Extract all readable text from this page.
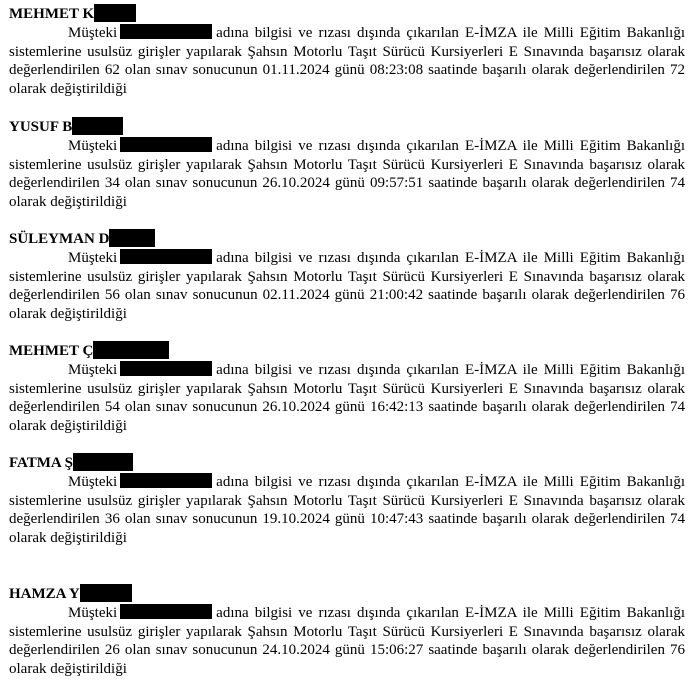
MEHMET K

Müşteki	adına bilgisi ve rızası dışında çıkarılan E-İMZA ile Milli Eğitim Bakanlığı sistemlerine usulsüz girişler yapılarak Şahsın Motorlu Taşıt Sürücü Kursiyerleri E Sınavında başarısız olarak değerlendirilen 62 olan sınav sonucunun 01.11.2024 günü 08:23:08 saatinde başarılı olarak değerlendirilen 72 olarak değiştirildiği

YUSUF B

Müşteki	adına bilgisi ve rızası dışında çıkarılan E-İMZA ile Milli Eğitim Bakanlığı sistemlerine usulsüz girişler yapılarak Şahsın Motorlu Taşıt Sürücü Kursiyerleri E Sınavında başarısız olarak değerlendirilen 34 olan sınav sonucunun 26.10.2024 günü 09:57:51 saatinde başarılı olarak değerlendirilen 74 olarak değiştirildiği

SÜLEYMAN D

Müşteki	adına bilgisi ve rızası dışında çıkarılan E-İMZA ile Milli Eğitim Bakanlığı sistemlerine usulsüz girişler yapılarak Şahsın Motorlu Taşıt Sürücü Kursiyerleri E Sınavında başarısız olarak değerlendirilen 56 olan sınav sonucunun 02.11.2024 günü 21:00:42 saatinde başarılı olarak değerlendirilen 76 olarak değiştirildiği

MEHMET Ç

Müşteki	adına bilgisi ve rızası dışında çıkarılan E-İMZA ile Milli Eğitim Bakanlığı sistemlerine usulsüz girişler yapılarak Şahsın Motorlu Taşıt Sürücü Kursiyerleri E Sınavında başarısız olarak değerlendirilen 54 olan sınav sonucunun 26.10.2024 günü 16:42:13 saatinde başarılı olarak değerlendirilen 74 olarak değiştirildiği

FATMA Ş

Müşteki	adına bilgisi ve rızası dışında çıkarılan E-İMZA ile Milli Eğitim Bakanlığı sistemlerine usulsüz girişler yapılarak Şahsın Motorlu Taşıt Sürücü Kursiyerleri E Sınavında başarısız olarak değerlendirilen 36 olan sınav sonucunun 19.10.2024 günü 10:47:43 saatinde başarılı olarak değerlendirilen 74 olarak değiştirildiği

HAMZA Y

Müşteki	adına bilgisi ve rızası dışında çıkarılan E-İMZA ile Milli Eğitim Bakanlığı sistemlerine usulsüz girişler yapılarak Şahsın Motorlu Taşıt Sürücü Kursiyerleri E Sınavında başarısız olarak değerlendirilen 26 olan sınav sonucunun 24.10.2024 günü 15:06:27 saatinde başarılı olarak değerlendirilen 76 olarak değiştirildiği
